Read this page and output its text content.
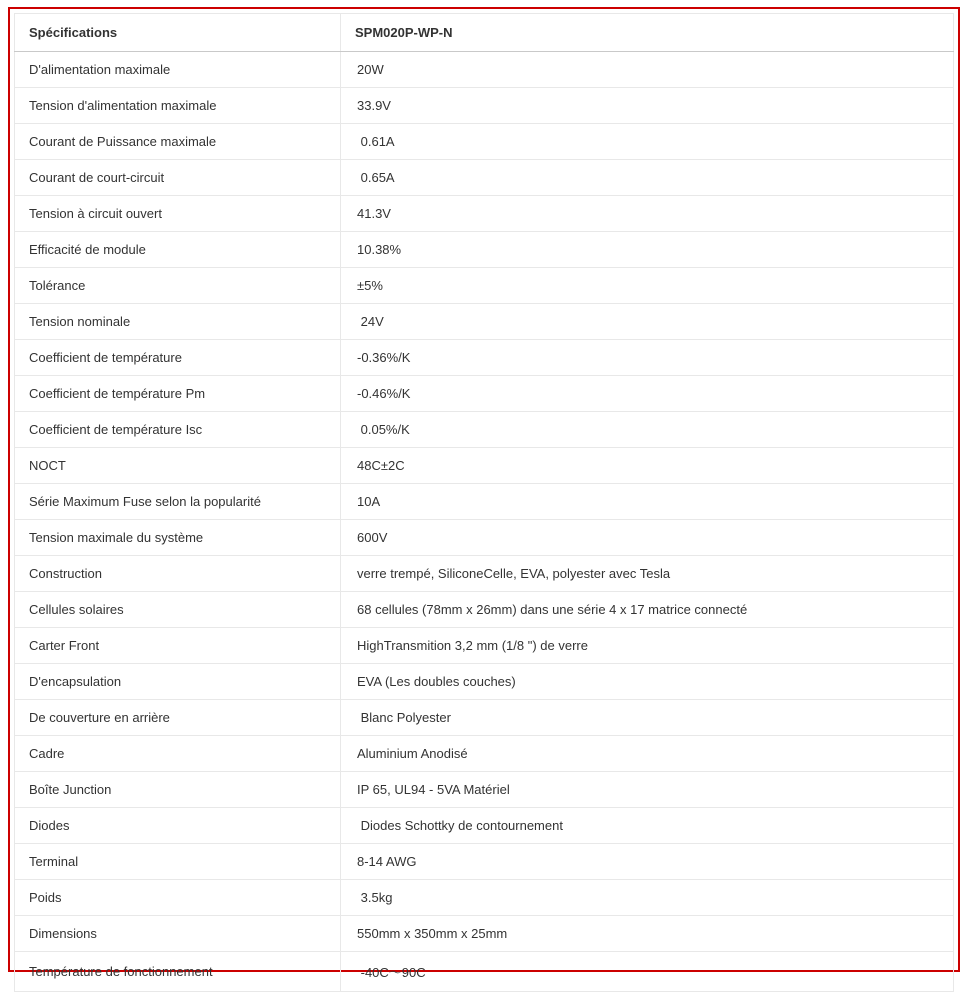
Spécifications	SPM020P-WP-N
D'alimentation maximale	20W
Tension d'alimentation maximale	33.9V
Courant de Puissance maximale	0.61A
Courant de court-circuit	0.65A
Tension à circuit ouvert	41.3V
Efficacité de module	10.38%
Tolérance	±5%
Tension nominale	24V
Coefficient de température	-0.36%/K
Coefficient de température Pm	-0.46%/K
Coefficient de température Isc	0.05%/K
NOCT	48C±2C
Série Maximum Fuse selon la popularité	10A
Tension maximale du système	600V
Construction	verre trempé, SiliconeCelle, EVA, polyester avec Tesla
Cellules solaires	68 cellules (78mm x 26mm) dans une série 4 x 17 matrice connecté
Carter Front	HighTransmition 3,2 mm (1/8 ") de verre
D'encapsulation	EVA (Les doubles couches)
De couverture en arrière	Blanc Polyester
Cadre	Aluminium Anodisé
Boîte Junction	IP 65, UL94 - 5VA Matériel
Diodes	Diodes Schottky de contournement
Terminal	8-14 AWG
Poids	3.5kg
Dimensions	550mm x 350mm x 25mm
Température de fonctionnement	-40C～90C
